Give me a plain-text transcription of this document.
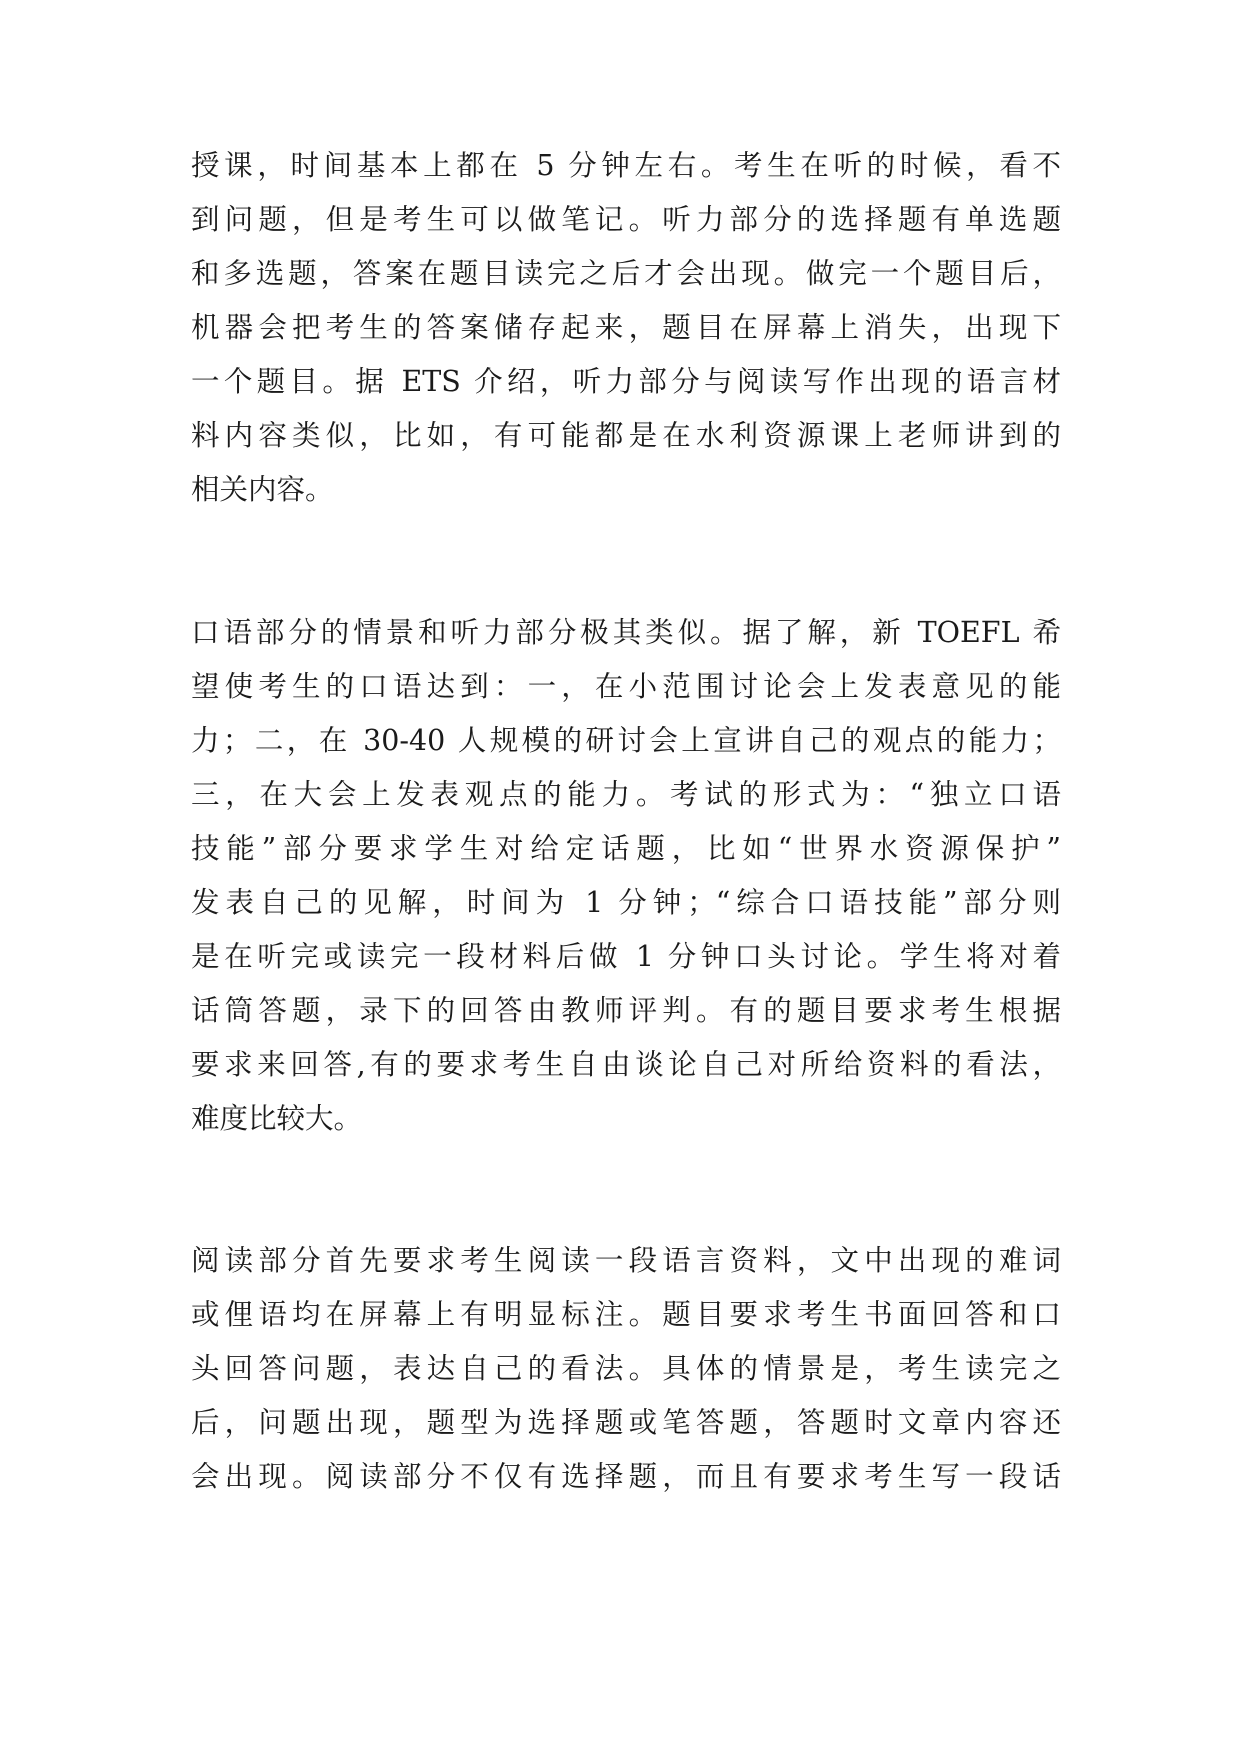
授课，时间基本上都在 5 分钟左右。考生在听的时候，看不
到问题，但是考生可以做笔记。听力部分的选择题有单选题
和多选题，答案在题目读完之后才会出现。做完一个题目后，
机器会把考生的答案储存起来，题目在屏幕上消失，出现下
一个题目。据 ETS 介绍，听力部分与阅读写作出现的语言材
料内容类似，比如，有可能都是在水利资源课上老师讲到的
相关内容。
口语部分的情景和听力部分极其类似。据了解，新 TOEFL 希
望使考生的口语达到：一，在小范围讨论会上发表意见的能
力；二，在 30-40 人规模的研讨会上宣讲自己的观点的能力；
三，在大会上发表观点的能力。考试的形式为：“独立口语
技能”部分要求学生对给定话题，比如“世界水资源保护”
发表自己的见解，时间为 1 分钟；“综合口语技能”部分则
是在听完或读完一段材料后做 1 分钟口头讨论。学生将对着
话筒答题，录下的回答由教师评判。有的题目要求考生根据
要求来回答,有的要求考生自由谈论自己对所给资料的看法，
难度比较大。
阅读部分首先要求考生阅读一段语言资料，文中出现的难词
或俚语均在屏幕上有明显标注。题目要求考生书面回答和口
头回答问题，表达自己的看法。具体的情景是，考生读完之
后，问题出现，题型为选择题或笔答题，答题时文章内容还
会出现。阅读部分不仅有选择题，而且有要求考生写一段话
